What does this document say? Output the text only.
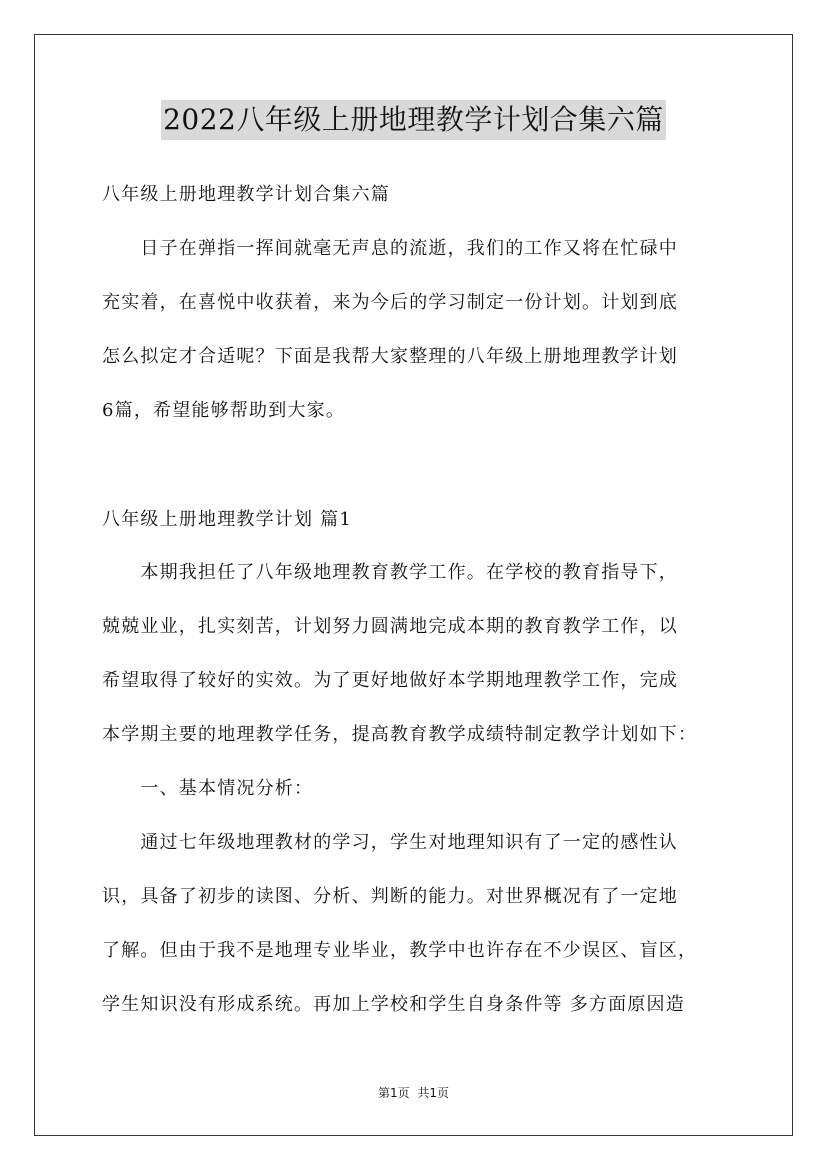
2022八年级上册地理教学计划合集六篇
八年级上册地理教学计划合集六篇
　　日子在弹指一挥间就毫无声息的流逝，我们的工作又将在忙碌中
充实着，在喜悦中收获着，来为今后的学习制定一份计划。计划到底
怎么拟定才合适呢？下面是我帮大家整理的八年级上册地理教学计划
6篇，希望能够帮助到大家。
八年级上册地理教学计划 篇1
　　本期我担任了八年级地理教育教学工作。在学校的教育指导下，
兢兢业业，扎实刻苦，计划努力圆满地完成本期的教育教学工作，以
希望取得了较好的实效。为了更好地做好本学期地理教学工作，完成
本学期主要的地理教学任务，提高教育教学成绩特制定教学计划如下：
　　一、基本情况分析：
　　通过七年级地理教材的学习，学生对地理知识有了一定的感性认
识，具备了初步的读图、分析、判断的能力。对世界概况有了一定地
了解。但由于我不是地理专业毕业，教学中也许存在不少误区、盲区，
学生知识没有形成系统。再加上学校和学生自身条件等 多方面原因造
第1页 共1页
